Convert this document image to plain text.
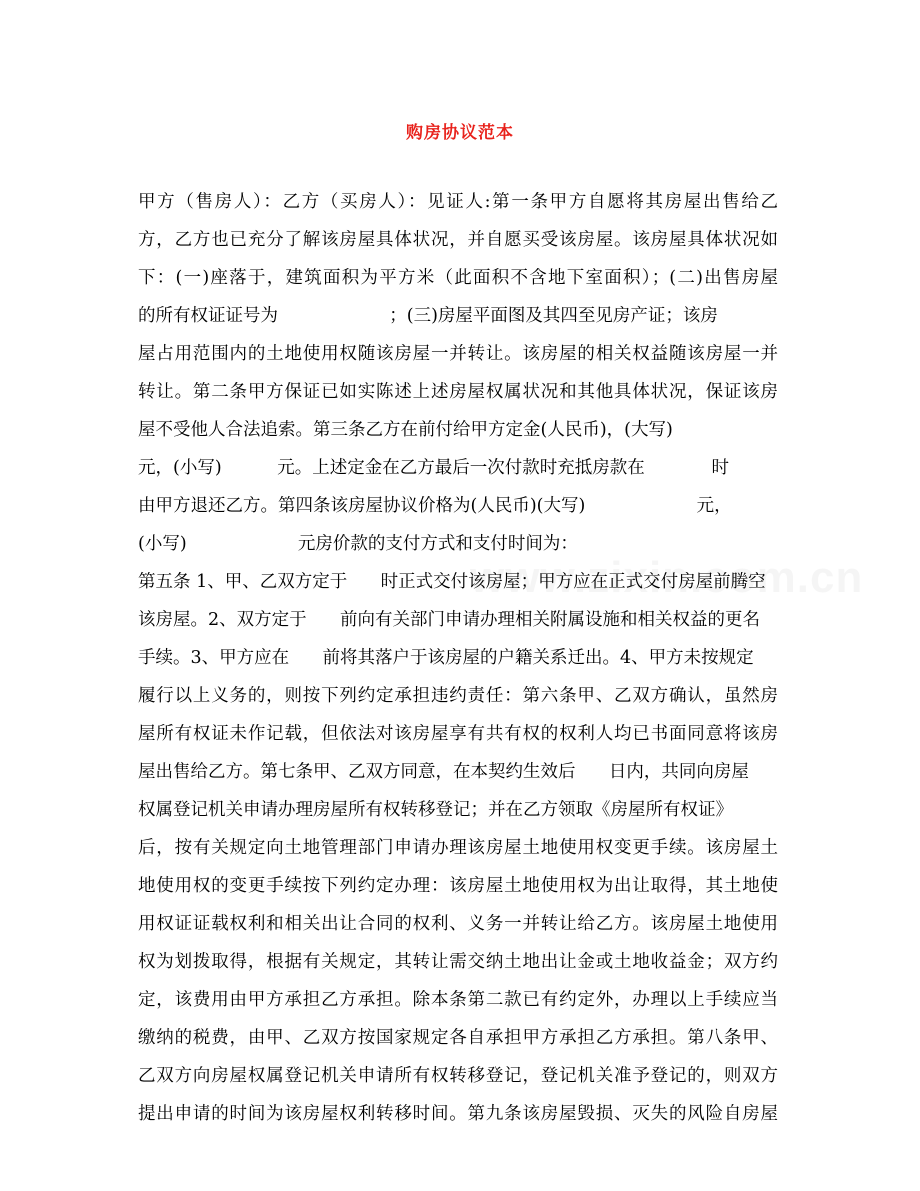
购房协议范本
甲方（售房人）：乙方（买房人）：见证人:第一条甲方自愿将其房屋出售给乙
方，乙方也已充分了解该房屋具体状况，并自愿买受该房屋。该房屋具体状况如
下：(一)座落于，建筑面积为平方米（此面积不含地下室面积）；(二)出售房屋
的所有权证证号为                    ；(三)房屋平面图及其四至见房产证；该房
屋占用范围内的土地使用权随该房屋一并转让。该房屋的相关权益随该房屋一并
转让。第二条甲方保证已如实陈述上述房屋权属状况和其他具体状况，保证该房
屋不受他人合法追索。第三条乙方在前付给甲方定金(人民币)，(大写)
元，(小写)          元。上述定金在乙方最后一次付款时充抵房款在            时
由甲方退还乙方。第四条该房屋协议价格为(人民币)(大写)                    元，
(小写)                    元房价款的支付方式和支付时间为：
第五条 1、甲、乙双方定于      时正式交付该房屋；甲方应在正式交付房屋前腾空
该房屋。2、双方定于      前向有关部门申请办理相关附属设施和相关权益的更名
手续。3、甲方应在      前将其落户于该房屋的户籍关系迁出。4、甲方未按规定
履行以上义务的，则按下列约定承担违约责任：第六条甲、乙双方确认，虽然房
屋所有权证未作记载，但依法对该房屋享有共有权的权利人均已书面同意将该房
屋出售给乙方。第七条甲、乙双方同意，在本契约生效后      日内，共同向房屋
权属登记机关申请办理房屋所有权转移登记；并在乙方领取《房屋所有权证》
后，按有关规定向土地管理部门申请办理该房屋土地使用权变更手续。该房屋土
地使用权的变更手续按下列约定办理：该房屋土地使用权为出让取得，其土地使
用权证证载权利和相关出让合同的权利、义务一并转让给乙方。该房屋土地使用
权为划拨取得，根据有关规定，其转让需交纳土地出让金或土地收益金；双方约
定，该费用由甲方承担乙方承担。除本条第二款已有约定外，办理以上手续应当
缴纳的税费，由甲、乙双方按国家规定各自承担甲方承担乙方承担。第八条甲、
乙双方向房屋权属登记机关申请所有权转移登记，登记机关准予登记的，则双方
提出申请的时间为该房屋权利转移时间。第九条该房屋毁损、灭失的风险自房屋
